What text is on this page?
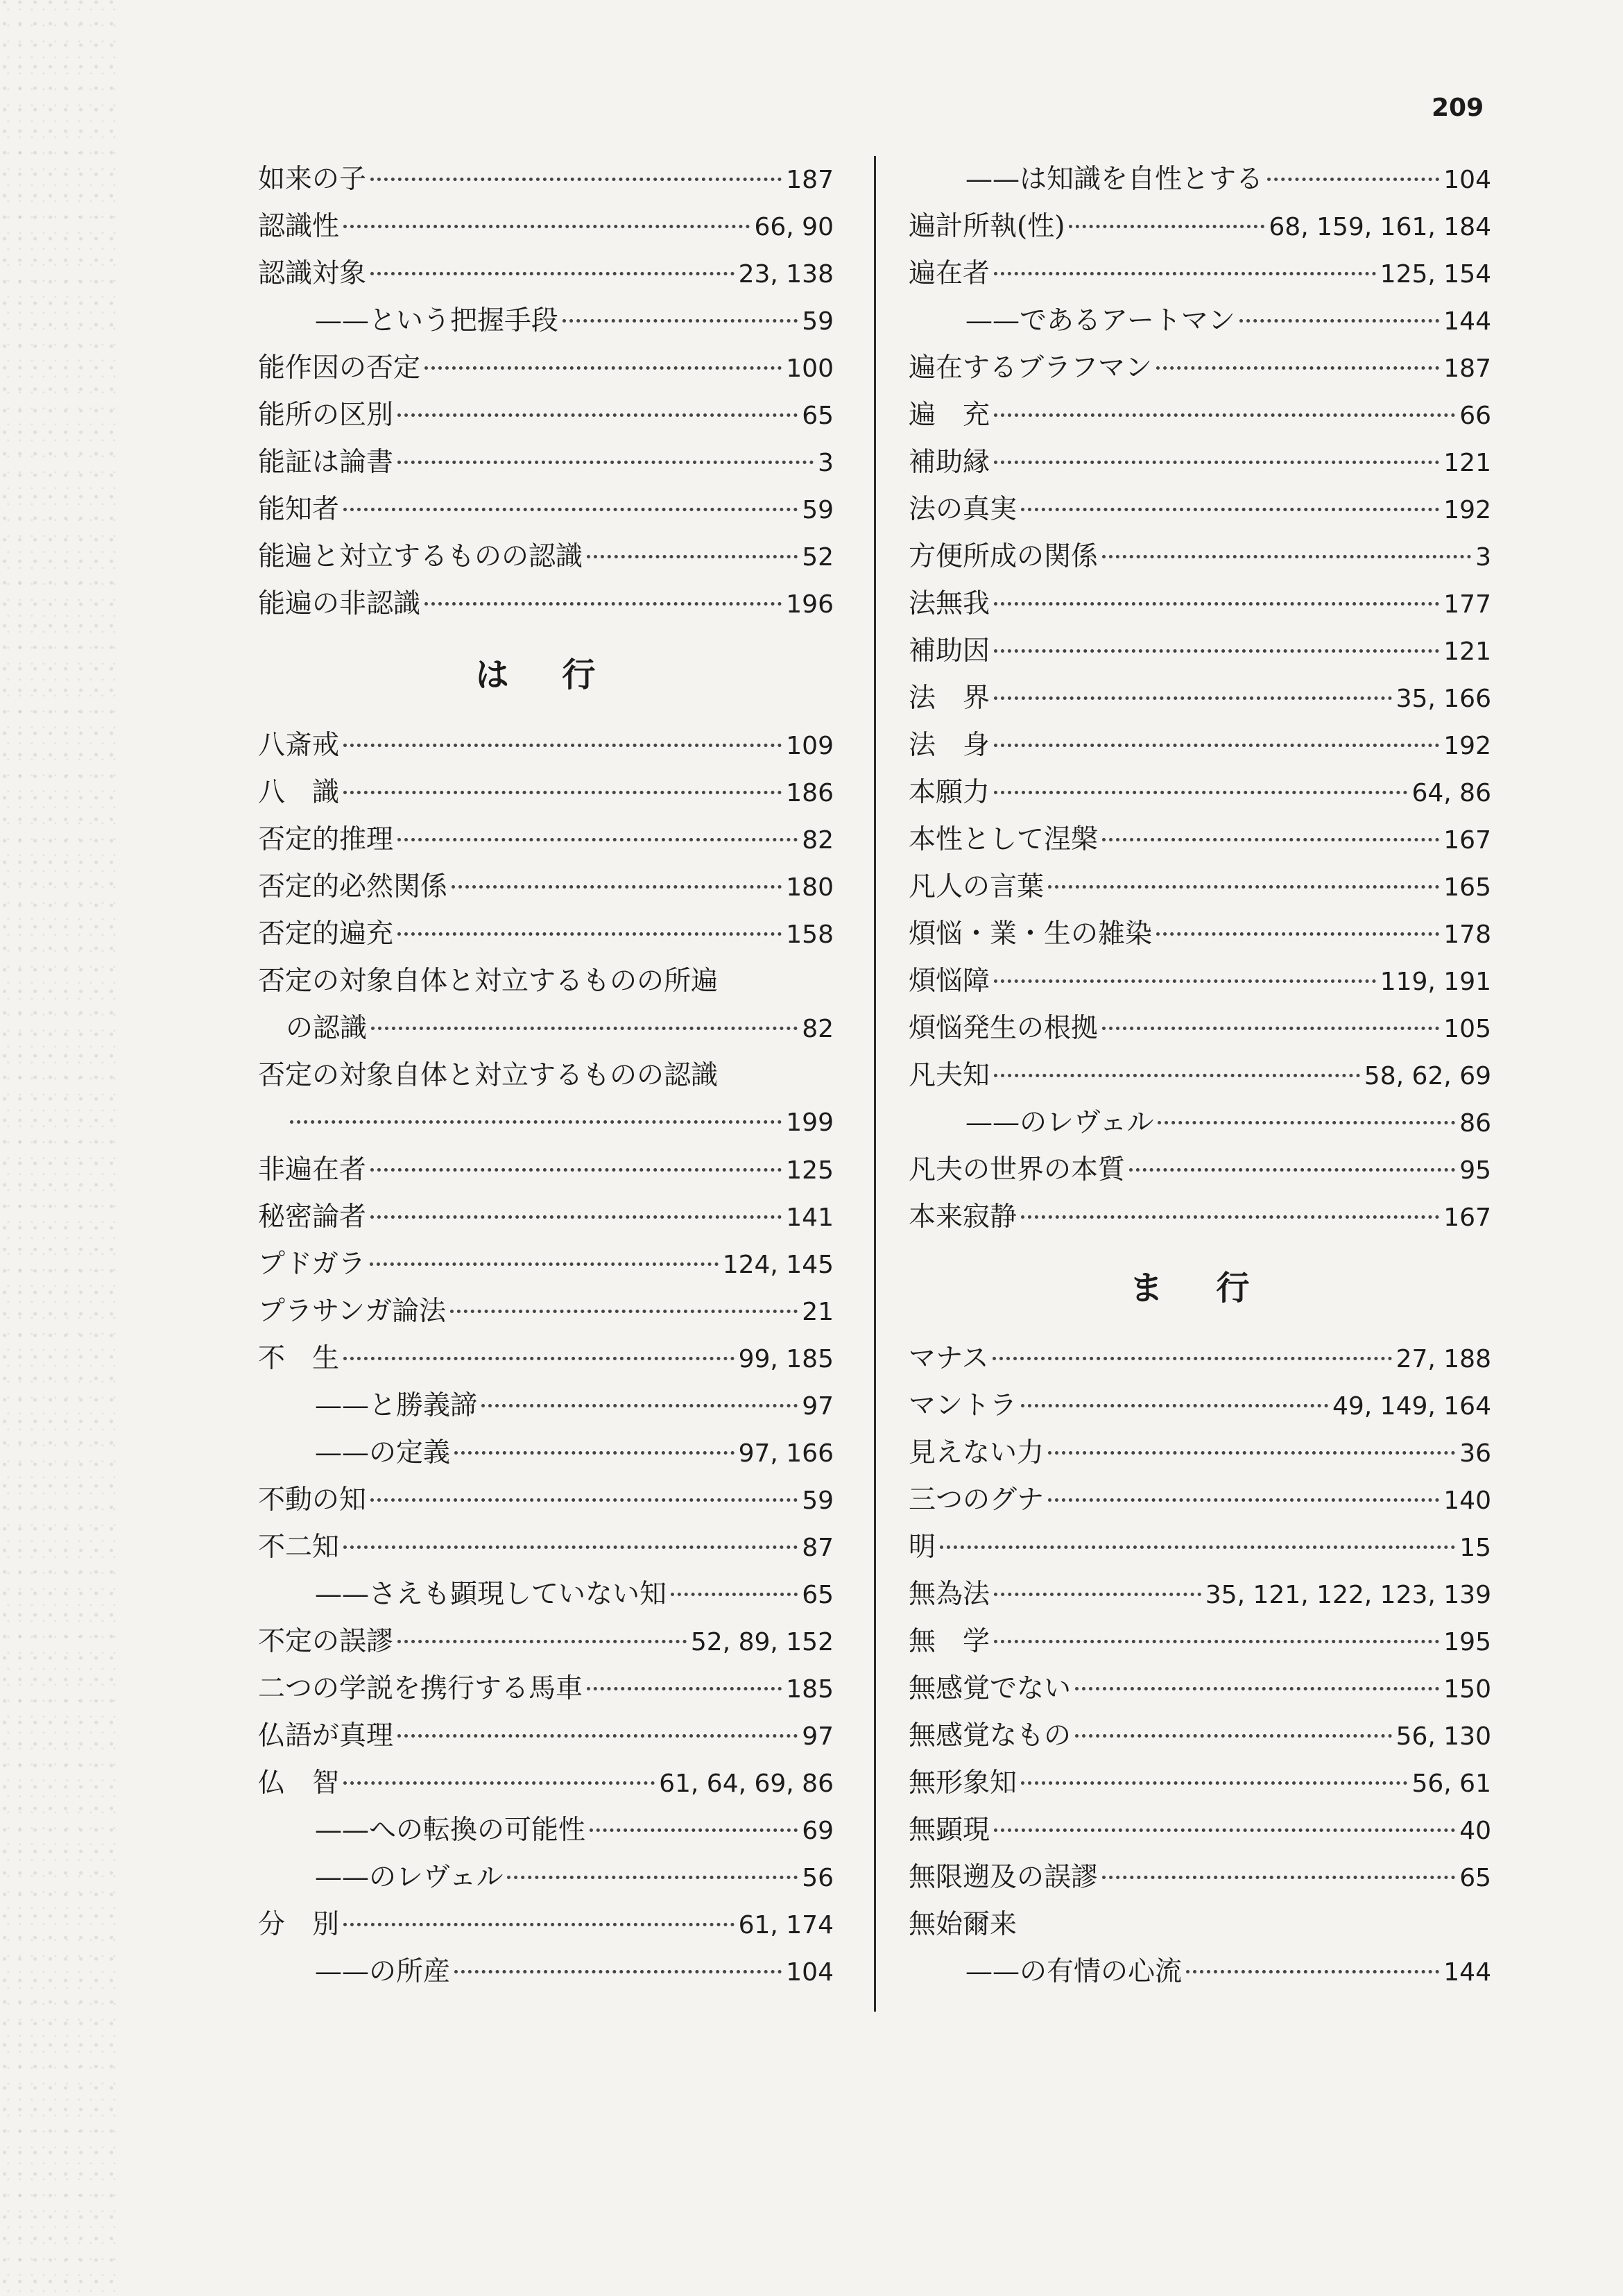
209
如来の子	187
認識性	66, 90
認識対象	23, 138
——という把握手段	59
能作因の否定	100
能所の区別	65
能証は論書	3
能知者	59
能遍と対立するものの認識	52
能遍の非認識	196
は 行
八斎戒	109
八　識	186
否定的推理	82
否定的必然関係	180
否定的遍充	158
否定の対象自体と対立するものの所遍
の認識	82
否定の対象自体と対立するものの認識
199
非遍在者	125
秘密論者	141
プドガラ	124, 145
プラサンガ論法	21
不　生	99, 185
——と勝義諦	97
——の定義	97, 166
不動の知	59
不二知	87
——さえも顕現していない知	65
不定の誤謬	52, 89, 152
二つの学説を携行する馬車	185
仏語が真理	97
仏　智	61, 64, 69, 86
——への転換の可能性	69
——のレヴェル	56
分　別	61, 174
——の所産	104
——は知識を自性とする	104
遍計所執(性)	68, 159, 161, 184
遍在者	125, 154
——であるアートマン	144
遍在するブラフマン	187
遍　充	66
補助縁	121
法の真実	192
方便所成の関係	3
法無我	177
補助因	121
法　界	35, 166
法　身	192
本願力	64, 86
本性として涅槃	167
凡人の言葉	165
煩悩・業・生の雑染	178
煩悩障	119, 191
煩悩発生の根拠	105
凡夫知	58, 62, 69
——のレヴェル	86
凡夫の世界の本質	95
本来寂静	167
ま 行
マナス	27, 188
マントラ	49, 149, 164
見えない力	36
三つのグナ	140
明	15
無為法	35, 121, 122, 123, 139
無　学	195
無感覚でない	150
無感覚なもの	56, 130
無形象知	56, 61
無顕現	40
無限遡及の誤謬	65
無始爾来
——の有情の心流	144
